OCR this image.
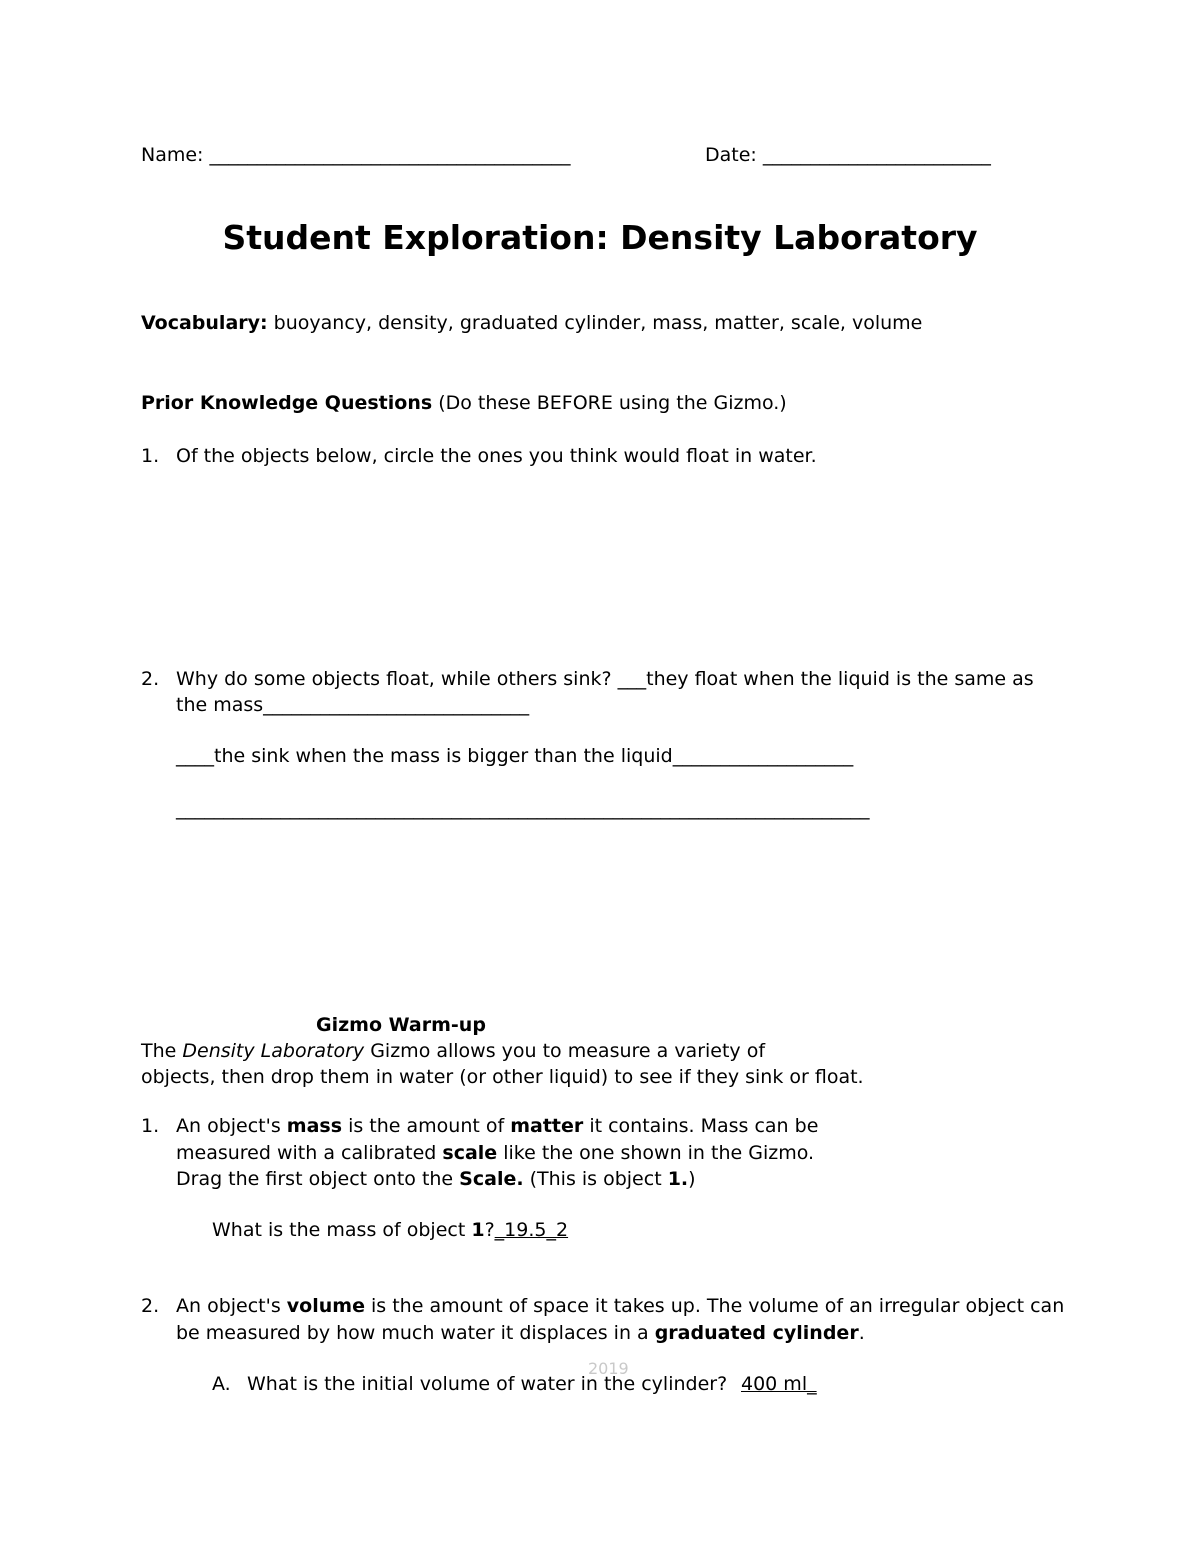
Name: ______________________________________	Date: ________________________
Student Exploration: Density Laboratory
Vocabulary: buoyancy, density, graduated cylinder, mass, matter, scale, volume
Prior Knowledge Questions (Do these BEFORE using the Gizmo.)
1. Of the objects below, circle the ones you think would float in water.
2. Why do some objects float, while others sink? ___they float when the liquid is the same as
the mass____________________________
____the sink when the mass is bigger than the liquid___________________
_________________________________________________________________________
Gizmo Warm-up
The Density Laboratory Gizmo allows you to measure a variety of
objects, then drop them in water (or other liquid) to see if they sink or float.
1. An object's mass is the amount of matter it contains. Mass can be
measured with a calibrated scale like the one shown in the Gizmo.
Drag the first object onto the Scale. (This is object 1.)
What is the mass of object 1?_19.5_2
2. An object's volume is the amount of space it takes up. The volume of an irregular object can
be measured by how much water it displaces in a graduated cylinder.
2019
A. What is the initial volume of water in the cylinder? 400 ml_
